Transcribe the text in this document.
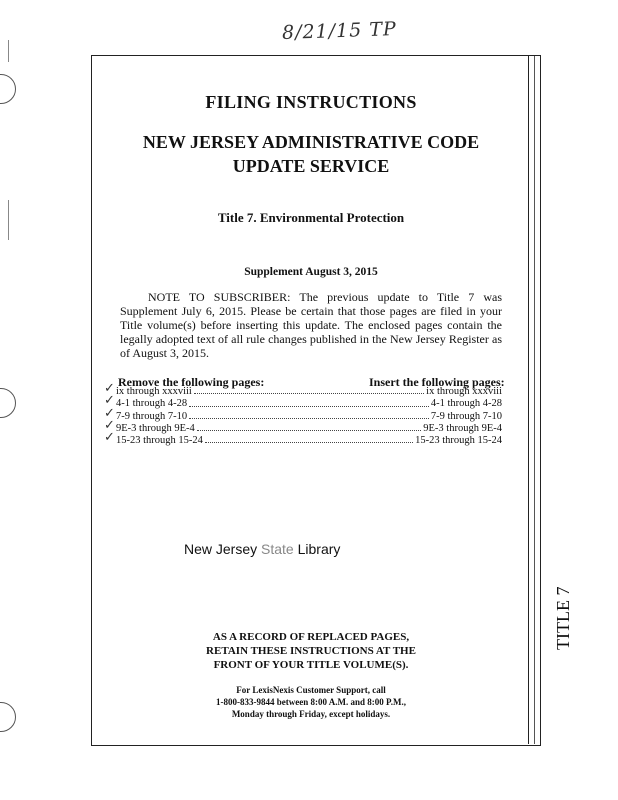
8/21/15 TP
TITLE 7
FILING INSTRUCTIONS
NEW JERSEY ADMINISTRATIVE CODE
UPDATE SERVICE
Title 7. Environmental Protection
Supplement August 3, 2015
NOTE TO SUBSCRIBER: The previous update to Title 7 was Supplement July 6, 2015. Please be certain that those pages are filed in your Title volume(s) before inserting this update. The enclosed pages contain the legally adopted text of all rule changes published in the New Jersey Register as of August 3, 2015.
Remove the following pages:	Insert the following pages:
✓
✓
✓
✓
✓
ix through xxxviii	ix through xxxviii
4-1 through 4-28	4-1 through 4-28
7-9 through 7-10	7-9 through 7-10
9E-3 through 9E-4	9E-3 through 9E-4
15-23 through 15-24	15-23 through 15-24
New Jersey State Library
AS A RECORD OF REPLACED PAGES,
RETAIN THESE INSTRUCTIONS AT THE
FRONT OF YOUR TITLE VOLUME(S).
For LexisNexis Customer Support, call
1-800-833-9844 between 8:00 A.M. and 8:00 P.M.,
Monday through Friday, except holidays.
